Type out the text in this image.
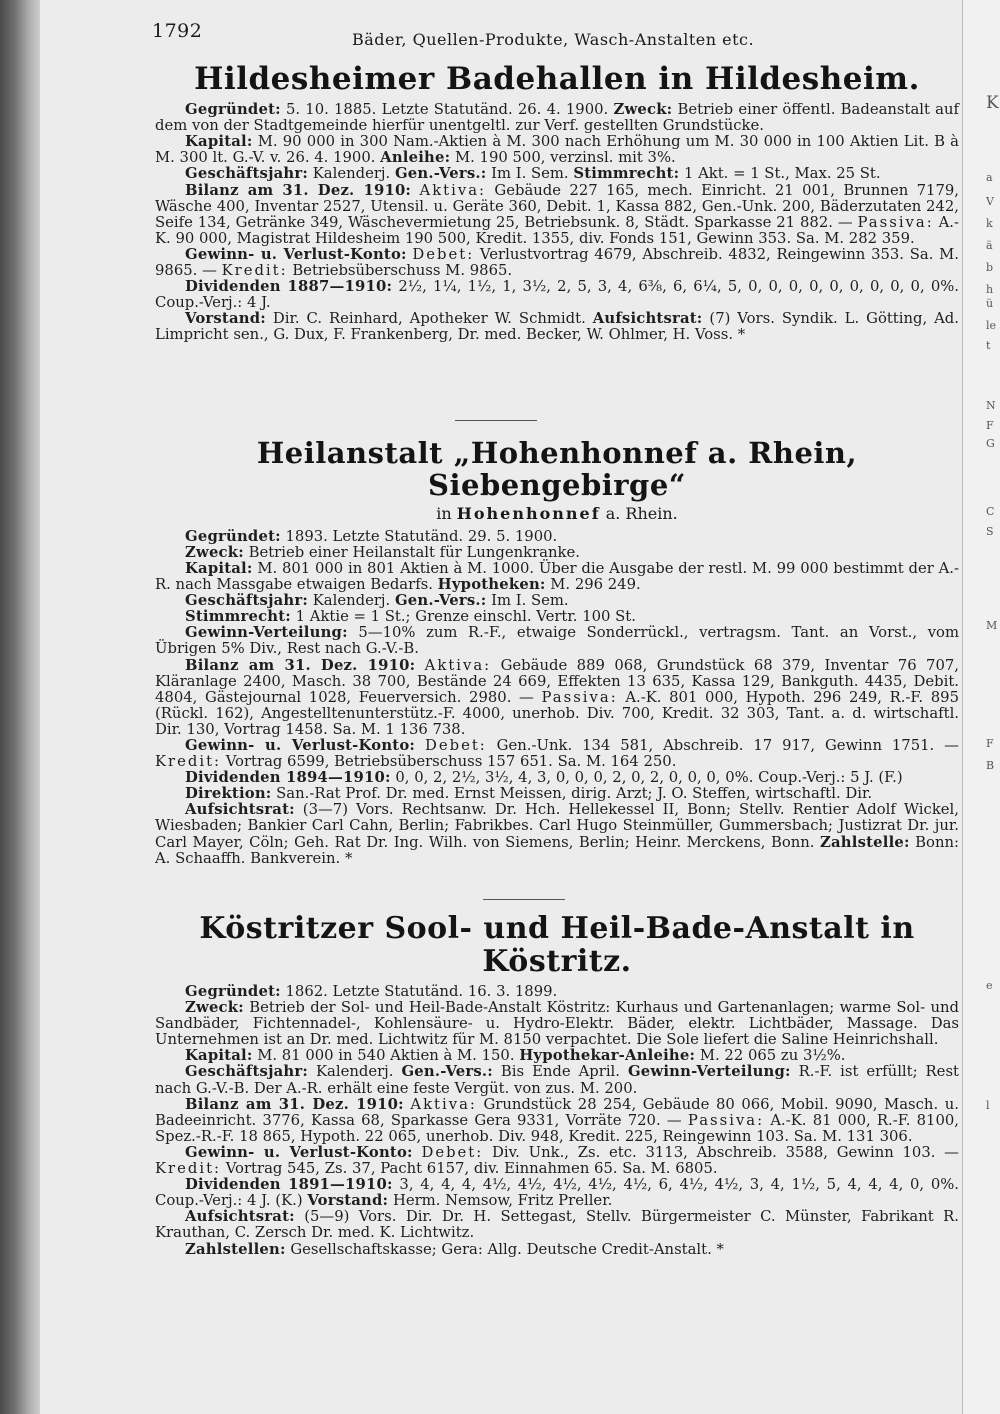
K
a
V
k
ä
b
h
ü
le
t
N
F
G
C
S
M
F
B
e
l
1792	Bäder, Quellen-Produkte, Wasch-Anstalten etc.
Hildesheimer Badehallen in Hildesheim.
Gegründet: 5. 10. 1885. Letzte Statutänd. 26. 4. 1900. Zweck: Betrieb einer öffentl. Badeanstalt auf dem von der Stadtgemeinde hierfür unentgeltl. zur Verf. gestellten Grundstücke.
Kapital: M. 90 000 in 300 Nam.-Aktien à M. 300 nach Erhöhung um M. 30 000 in 100 Aktien Lit. B à M. 300 lt. G.-V. v. 26. 4. 1900. Anleihe: M. 190 500, verzinsl. mit 3%.
Geschäftsjahr: Kalenderj. Gen.-Vers.: Im I. Sem. Stimmrecht: 1 Akt. = 1 St., Max. 25 St.
Bilanz am 31. Dez. 1910: Aktiva: Gebäude 227 165, mech. Einricht. 21 001, Brunnen 7179, Wäsche 400, Inventar 2527, Utensil. u. Geräte 360, Debit. 1, Kassa 882, Gen.-Unk. 200, Bäderzutaten 242, Seife 134, Getränke 349, Wäschevermietung 25, Betriebsunk. 8, Städt. Sparkasse 21 882. — Passiva: A.-K. 90 000, Magistrat Hildesheim 190 500, Kredit. 1355, div. Fonds 151, Gewinn 353. Sa. M. 282 359.
Gewinn- u. Verlust-Konto: Debet: Verlustvortrag 4679, Abschreib. 4832, Reingewinn 353. Sa. M. 9865. — Kredit: Betriebsüberschuss M. 9865.
Dividenden 1887—1910: 2½, 1¼, 1½, 1, 3½, 2, 5, 3, 4, 6⅜, 6, 6¼, 5, 0, 0, 0, 0, 0, 0, 0, 0, 0, 0%. Coup.-Verj.: 4 J.
Vorstand: Dir. C. Reinhard, Apotheker W. Schmidt. Aufsichtsrat: (7) Vors. Syndik. L. Götting, Ad. Limpricht sen., G. Dux, F. Frankenberg, Dr. med. Becker, W. Ohlmer, H. Voss. *
Heilanstalt „Hohenhonnef a. Rhein, Siebengebirge“
in Hohenhonnef a. Rhein.
Gegründet: 1893. Letzte Statutänd. 29. 5. 1900.
Zweck: Betrieb einer Heilanstalt für Lungenkranke.
Kapital: M. 801 000 in 801 Aktien à M. 1000. Über die Ausgabe der restl. M. 99 000 bestimmt der A.-R. nach Massgabe etwaigen Bedarfs. Hypotheken: M. 296 249.
Geschäftsjahr: Kalenderj. Gen.-Vers.: Im I. Sem.
Stimmrecht: 1 Aktie = 1 St.; Grenze einschl. Vertr. 100 St.
Gewinn-Verteilung: 5—10% zum R.-F., etwaige Sonderrückl., vertragsm. Tant. an Vorst., vom Übrigen 5% Div., Rest nach G.-V.-B.
Bilanz am 31. Dez. 1910: Aktiva: Gebäude 889 068, Grundstück 68 379, Inventar 76 707, Kläranlage 2400, Masch. 38 700, Bestände 24 669, Effekten 13 635, Kassa 129, Bankguth. 4435, Debit. 4804, Gästejournal 1028, Feuerversich. 2980. — Passiva: A.-K. 801 000, Hypoth. 296 249, R.-F. 895 (Rückl. 162), Angestelltenunterstütz.-F. 4000, unerhob. Div. 700, Kredit. 32 303, Tant. a. d. wirtschaftl. Dir. 130, Vortrag 1458. Sa. M. 1 136 738.
Gewinn- u. Verlust-Konto: Debet: Gen.-Unk. 134 581, Abschreib. 17 917, Gewinn 1751. — Kredit: Vortrag 6599, Betriebsüberschuss 157 651. Sa. M. 164 250.
Dividenden 1894—1910: 0, 0, 2, 2½, 3½, 4, 3, 0, 0, 0, 2, 0, 2, 0, 0, 0, 0%. Coup.-Verj.: 5 J. (F.)
Direktion: San.-Rat Prof. Dr. med. Ernst Meissen, dirig. Arzt; J. O. Steffen, wirtschaftl. Dir.
Aufsichtsrat: (3—7) Vors. Rechtsanw. Dr. Hch. Hellekessel II, Bonn; Stellv. Rentier Adolf Wickel, Wiesbaden; Bankier Carl Cahn, Berlin; Fabrikbes. Carl Hugo Steinmüller, Gummersbach; Justizrat Dr. jur. Carl Mayer, Cöln; Geh. Rat Dr. Ing. Wilh. von Siemens, Berlin; Heinr. Merckens, Bonn. Zahlstelle: Bonn: A. Schaaffh. Bankverein. *
Köstritzer Sool- und Heil-Bade-Anstalt in Köstritz.
Gegründet: 1862. Letzte Statutänd. 16. 3. 1899.
Zweck: Betrieb der Sol- und Heil-Bade-Anstalt Köstritz: Kurhaus und Gartenanlagen; warme Sol- und Sandbäder, Fichtennadel-, Kohlensäure- u. Hydro-Elektr. Bäder, elektr. Lichtbäder, Massage. Das Unternehmen ist an Dr. med. Lichtwitz für M. 8150 verpachtet. Die Sole liefert die Saline Heinrichshall.
Kapital: M. 81 000 in 540 Aktien à M. 150. Hypothekar-Anleihe: M. 22 065 zu 3½%.
Geschäftsjahr: Kalenderj. Gen.-Vers.: Bis Ende April. Gewinn-Verteilung: R.-F. ist erfüllt; Rest nach G.-V.-B. Der A.-R. erhält eine feste Vergüt. von zus. M. 200.
Bilanz am 31. Dez. 1910: Aktiva: Grundstück 28 254, Gebäude 80 066, Mobil. 9090, Masch. u. Badeeinricht. 3776, Kassa 68, Sparkasse Gera 9331, Vorräte 720. — Passiva: A.-K. 81 000, R.-F. 8100, Spez.-R.-F. 18 865, Hypoth. 22 065, unerhob. Div. 948, Kredit. 225, Reingewinn 103. Sa. M. 131 306.
Gewinn- u. Verlust-Konto: Debet: Div. Unk., Zs. etc. 3113, Abschreib. 3588, Gewinn 103. — Kredit: Vortrag 545, Zs. 37, Pacht 6157, div. Einnahmen 65. Sa. M. 6805.
Dividenden 1891—1910: 3, 4, 4, 4, 4½, 4½, 4½, 4½, 4½, 6, 4½, 4½, 3, 4, 1½, 5, 4, 4, 4, 0, 0%. Coup.-Verj.: 4 J. (K.) Vorstand: Herm. Nemsow, Fritz Preller.
Aufsichtsrat: (5—9) Vors. Dir. Dr. H. Settegast, Stellv. Bürgermeister C. Münster, Fabrikant R. Krauthan, C. Zersch Dr. med. K. Lichtwitz.
Zahlstellen: Gesellschaftskasse; Gera: Allg. Deutsche Credit-Anstalt. *
